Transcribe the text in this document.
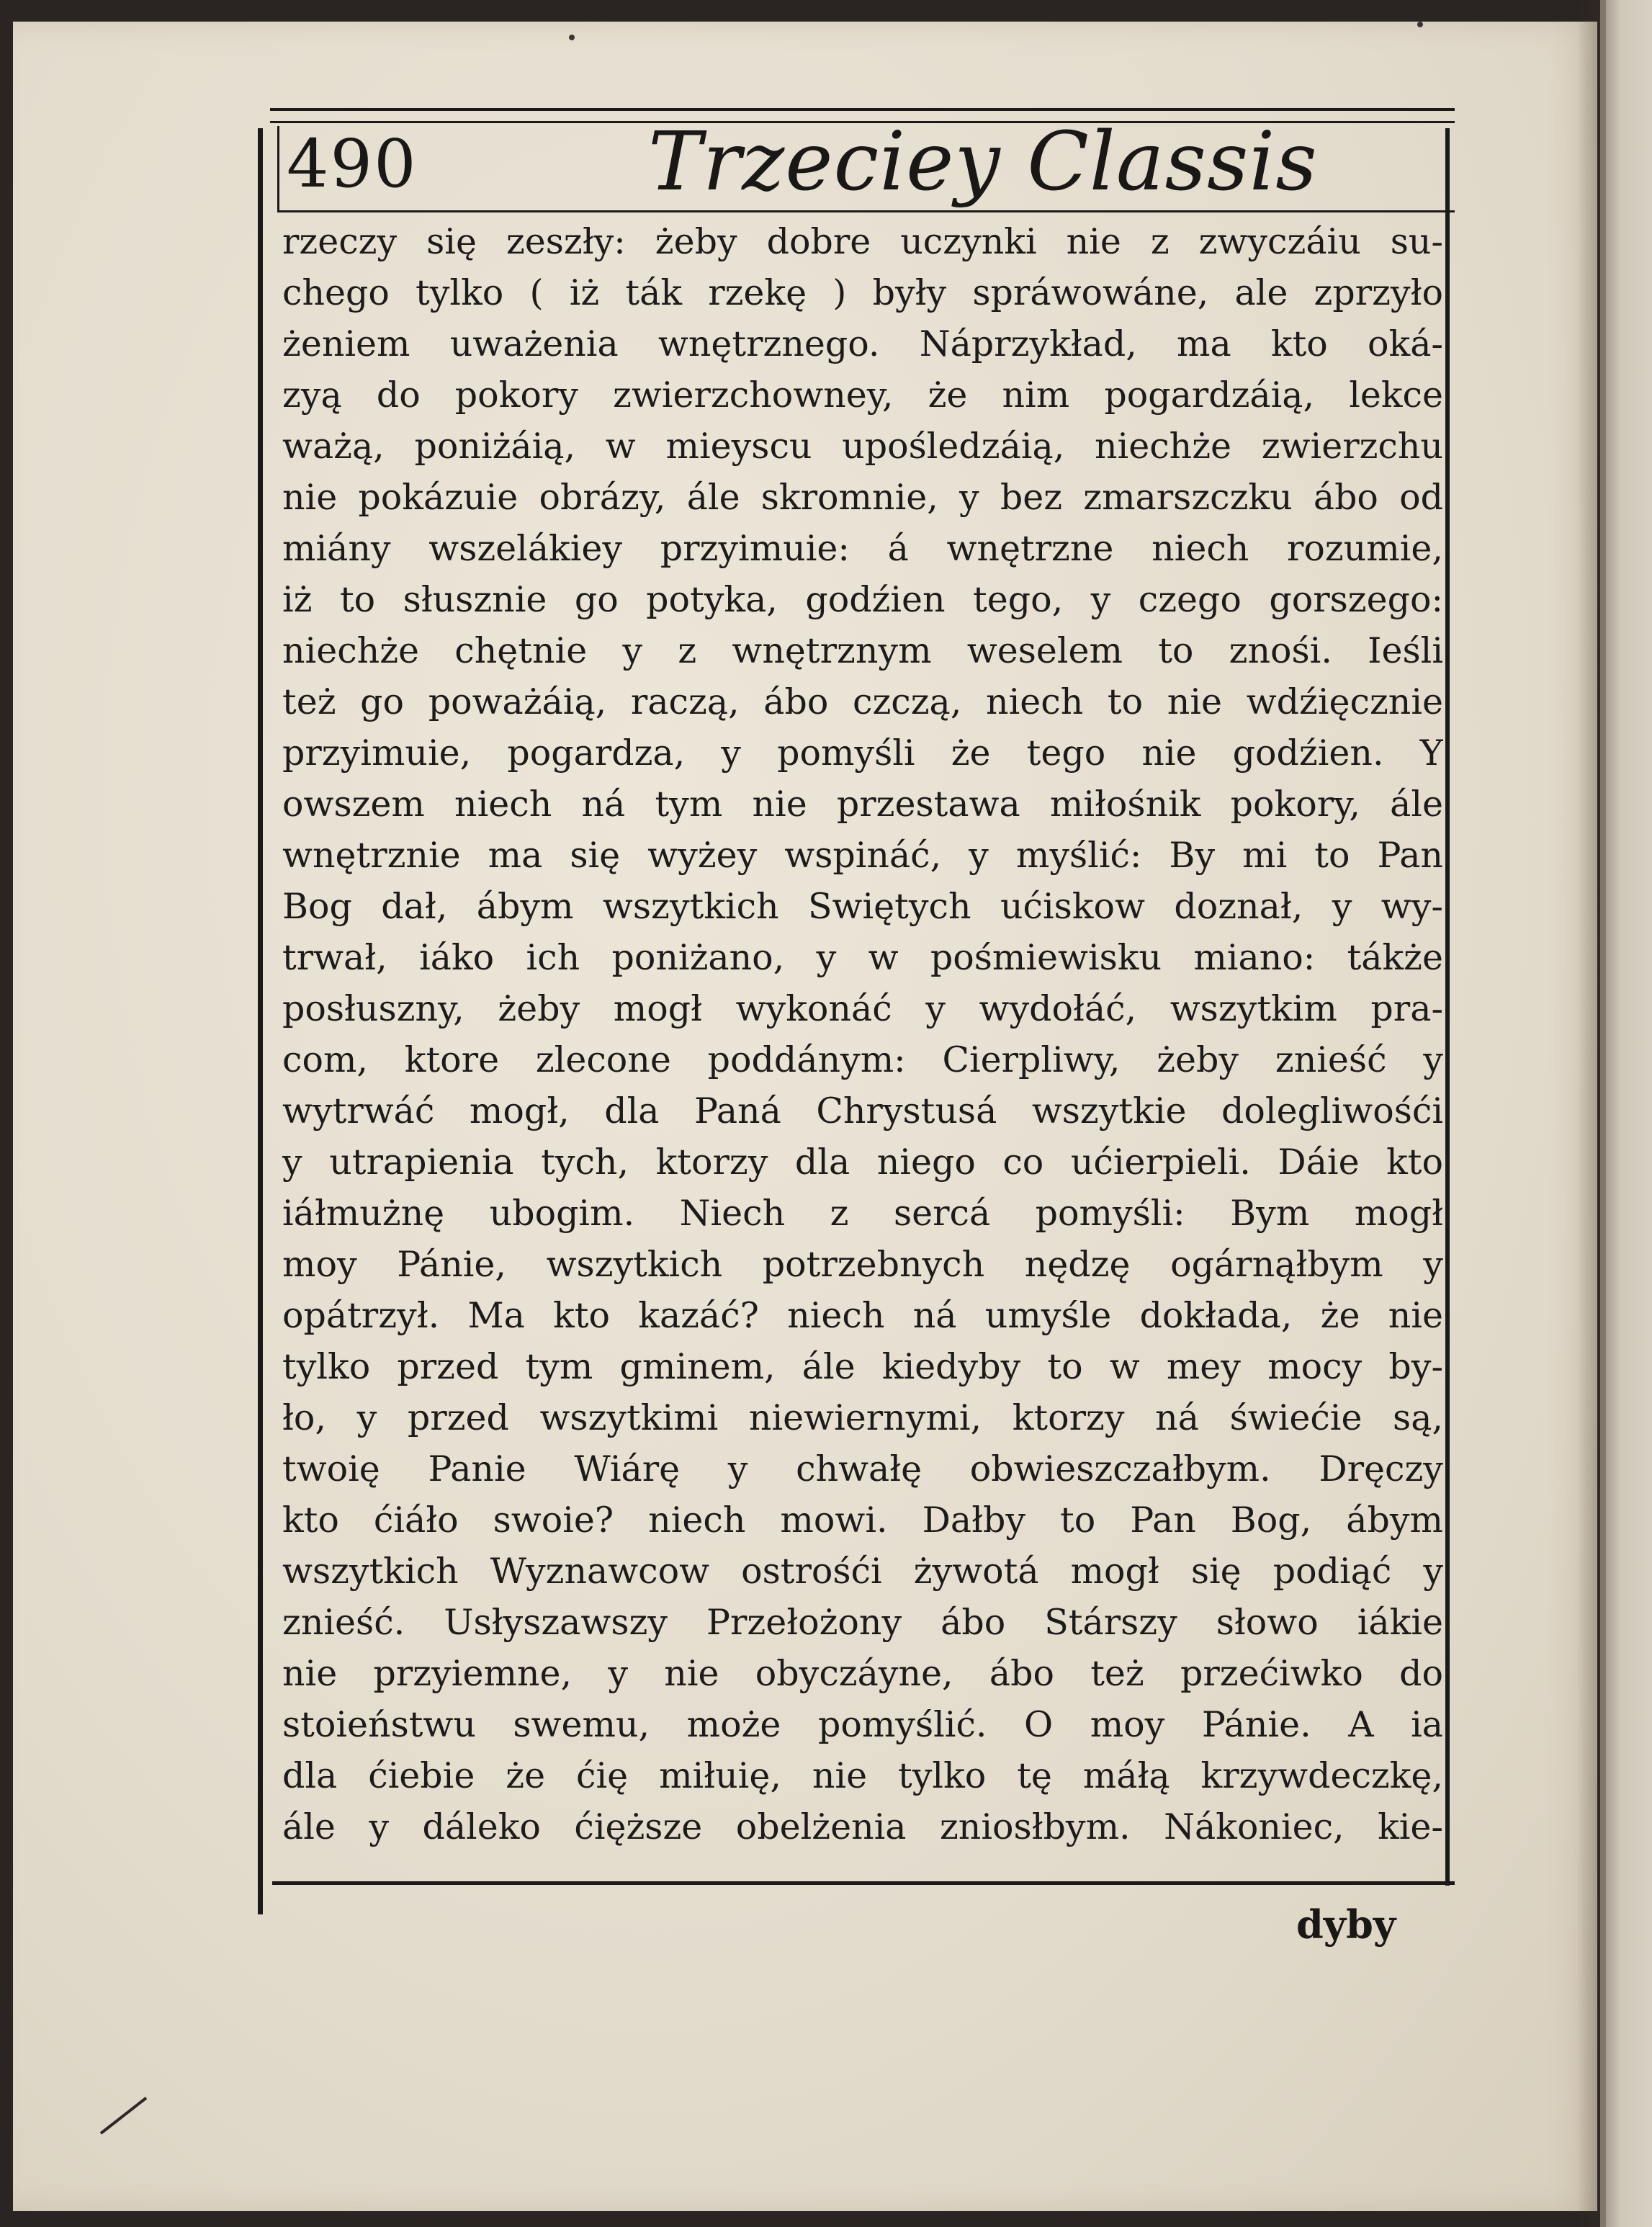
490	Trzeciey Classis
rzeczy się zeszły: żeby dobre uczynki nie z zwyczáiu su-
chego tylko ( iż ták rzekę ) były spráwowáne, ale zprzyło
żeniem uważenia wnętrznego. Náprzykład, ma kto oká-
zyą do pokory zwierzchowney, że nim pogardzáią, lekce
ważą, poniżáią, w mieyscu upośledzáią, niechże zwierzchu
nie pokázuie obrázy, ále skromnie, y bez zmarszczku ábo od
miány wszelákiey przyimuie: á wnętrzne niech rozumie,
iż to słusznie go potyka, godźien tego, y czego gorszego:
niechże chętnie y z wnętrznym weselem to znośi. Ieśli
też go poważáią, raczą, ábo czczą, niech to nie wdźięcznie
przyimuie, pogardza, y pomyśli że tego nie godźien. Y
owszem niech ná tym nie przestawa miłośnik pokory, ále
wnętrznie ma się wyżey wspináć, y myślić: By mi to Pan
Bog dał, ábym wszytkich Swiętych ućiskow doznał, y wy-
trwał, iáko ich poniżano, y w pośmiewisku miano: tákże
posłuszny, żeby mogł wykonáć y wydołáć, wszytkim pra-
com, ktore zlecone poddánym: Cierpliwy, żeby znieść y
wytrwáć mogł, dla Paná Chrystusá wszytkie dolegliwośći
y utrapienia tych, ktorzy dla niego co ućierpieli. Dáie kto
iáłmużnę ubogim. Niech z sercá pomyśli: Bym mogł
moy Pánie, wszytkich potrzebnych nędzę ogárnąłbym y
opátrzył. Ma kto kazáć? niech ná umyśle dokłada, że nie
tylko przed tym gminem, ále kiedyby to w mey mocy by-
ło, y przed wszytkimi niewiernymi, ktorzy ná świećie są,
twoię Panie Wiárę y chwałę obwieszczałbym. Dręczy
kto ćiáło swoie? niech mowi. Dałby to Pan Bog, ábym
wszytkich Wyznawcow ostrośći żywotá mogł się podiąć y
znieść. Usłyszawszy Przełożony ábo Stárszy słowo iákie
nie przyiemne, y nie obyczáyne, ábo też przećiwko do
stoieństwu swemu, może pomyślić. O moy Pánie. A ia
dla ćiebie że ćię miłuię, nie tylko tę máłą krzywdeczkę,
ále y dáleko ćięższe obelżenia zniosłbym. Nákoniec, kie-
dyby
